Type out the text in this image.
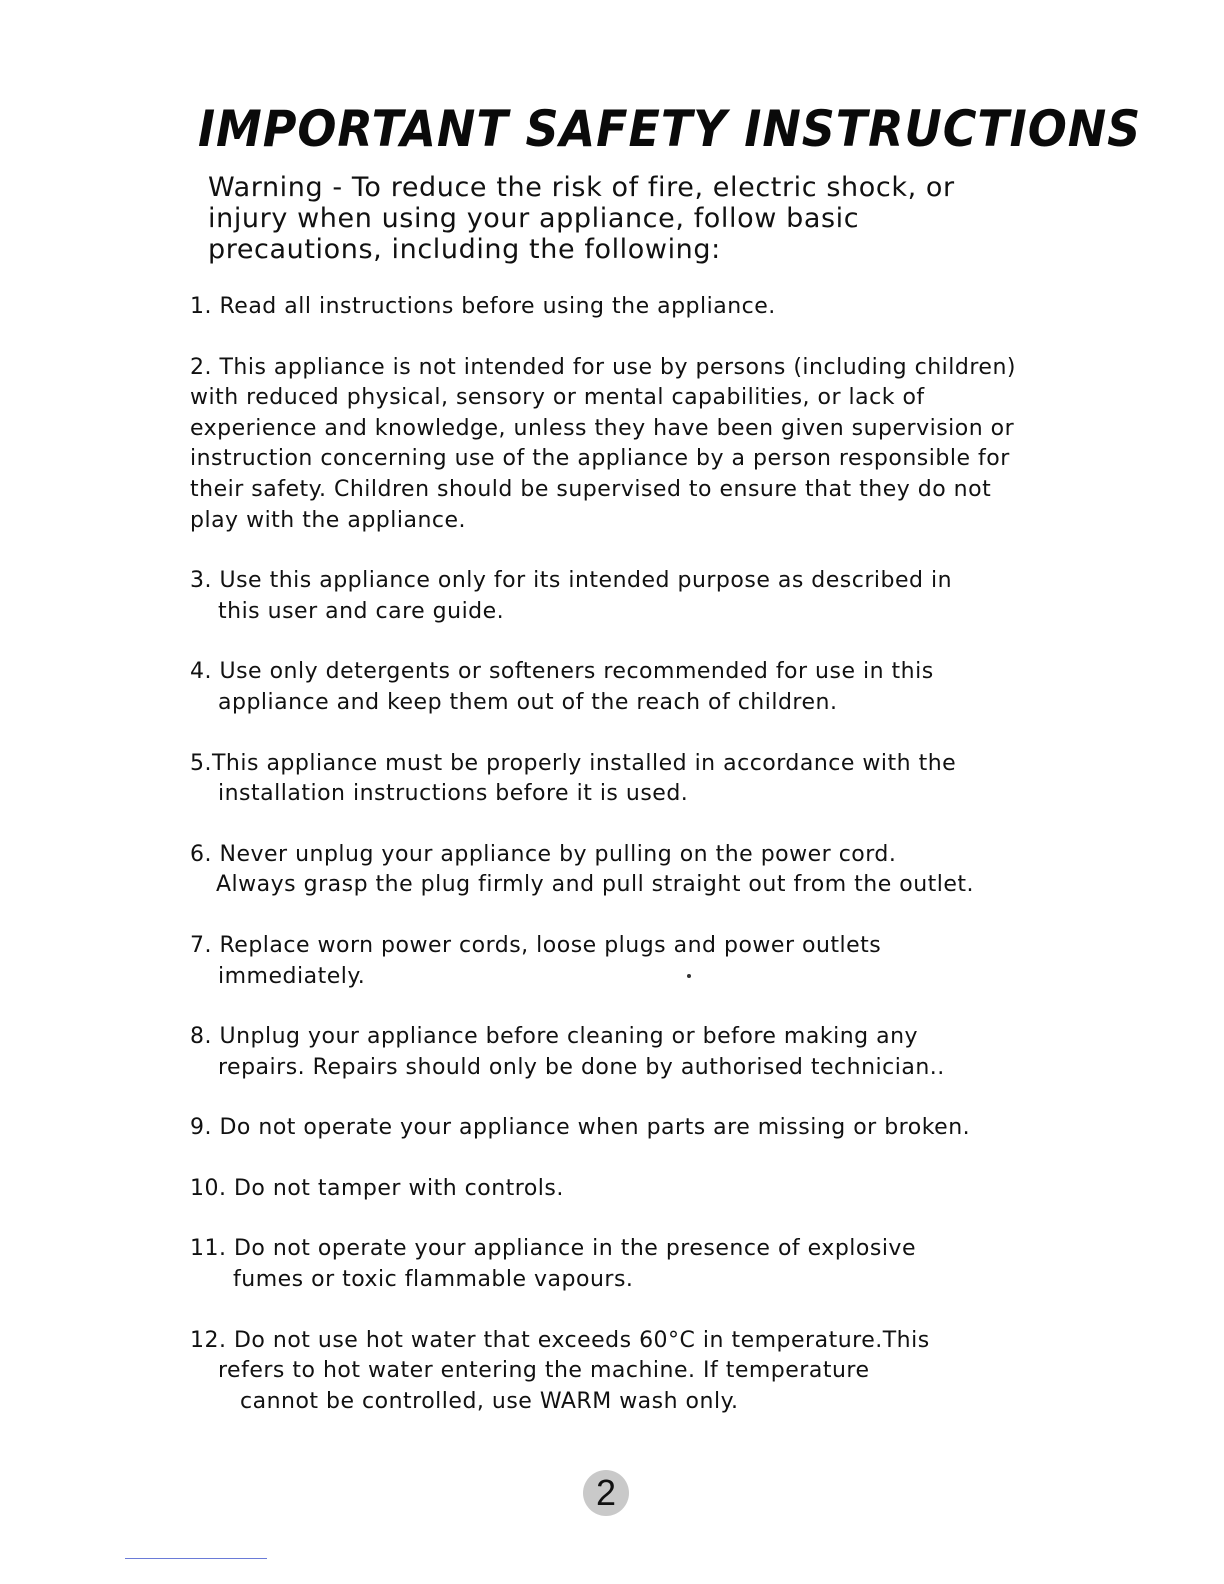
IMPORTANT SAFETY INSTRUCTIONS
Warning - To reduce the risk of fire, electric shock, or
injury when using your appliance, follow basic
precautions, including the following:
1. Read all instructions before using the appliance.
2. This appliance is not intended for use by persons (including children)
with reduced physical, sensory or mental capabilities, or lack of
experience and knowledge, unless they have been given supervision or
instruction concerning use of the appliance by a person responsible for
their safety. Children should be supervised to ensure that they do not
play with the appliance.
3. Use this appliance only for its intended purpose as described in
this user and care guide.
4. Use only detergents or softeners recommended for use in this
appliance and keep them out of the reach of children.
5.This appliance must be properly installed in accordance with the
installation instructions before it is used.
6. Never unplug your appliance by pulling on the power cord.
Always grasp the plug firmly and pull straight out from the outlet.
7. Replace worn power cords, loose plugs and power outlets
immediately.
8. Unplug your appliance before cleaning or before making any
repairs. Repairs should only be done by authorised technician..
9. Do not operate your appliance when parts are missing or broken.
10. Do not tamper with controls.
11. Do not operate your appliance in the presence of explosive
fumes or toxic flammable vapours.
12. Do not use hot water that exceeds 60°C in temperature.This
refers to hot water entering the machine. If temperature
cannot be controlled, use WARM wash only.
2
